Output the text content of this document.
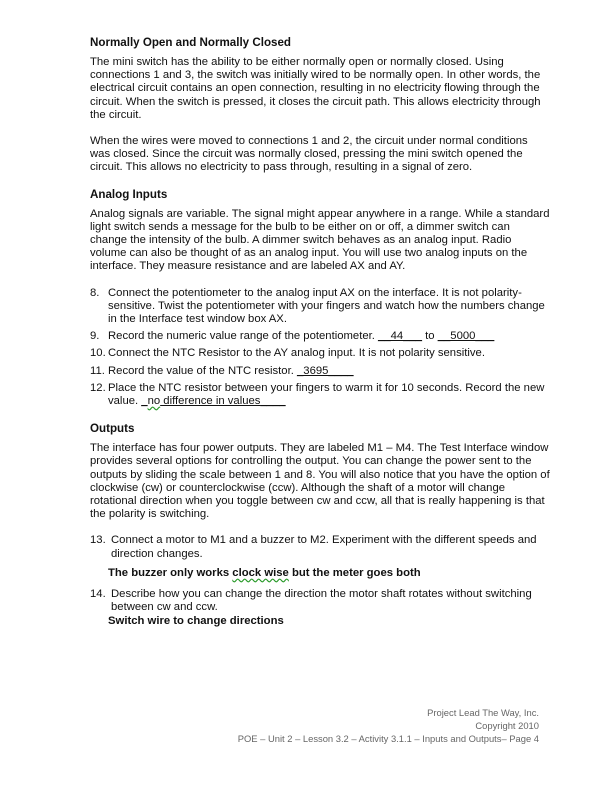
Normally Open and Normally Closed

The mini switch has the ability to be either normally open or normally closed. Using connections 1 and 3, the switch was initially wired to be normally open. In other words, the electrical circuit contains an open connection, resulting in no electricity flowing through the circuit. When the switch is pressed, it closes the circuit path. This allows electricity through the circuit.

When the wires were moved to connections 1 and 2, the circuit under normal conditions was closed. Since the circuit was normally closed, pressing the mini switch opened the circuit. This allows no electricity to pass through, resulting in a signal of zero.

Analog Inputs

Analog signals are variable. The signal might appear anywhere in a range. While a standard light switch sends a message for the bulb to be either on or off, a dimmer switch can change the intensity of the bulb. A dimmer switch behaves as an analog input. Radio volume can also be thought of as an analog input. You will use two analog inputs on the interface. They measure resistance and are labeled AX and AY.

8. Connect the potentiometer to the analog input AX on the interface. It is not polarity-sensitive. Twist the potentiometer with your fingers and watch how the numbers change in the Interface test window box AX.
9. Record the numeric value range of the potentiometer. __44___ to __5000___
10. Connect the NTC Resistor to the AY analog input. It is not polarity sensitive.
11. Record the value of the NTC resistor. _3695____
12. Place the NTC resistor between your fingers to warm it for 10 seconds. Record the new value. _no difference in values____
Outputs

The interface has four power outputs. They are labeled M1 – M4. The Test Interface window provides several options for controlling the output. You can change the power sent to the outputs by sliding the scale between 1 and 8. You will also notice that you have the option of clockwise (cw) or counterclockwise (ccw). Although the shaft of a motor will change rotational direction when you toggle between cw and ccw, all that is really happening is that the polarity is switching.

13. Connect a motor to M1 and a buzzer to M2. Experiment with the different speeds and direction changes.

The buzzer only works clock wise but the meter goes both

14. Describe how you can change the direction the motor shaft rotates without switching between cw and ccw.

Switch wire to change directions

Project Lead The Way, Inc.
Copyright 2010
POE – Unit 2 – Lesson 3.2 – Activity 3.1.1 – Inputs and Outputs– Page 4
